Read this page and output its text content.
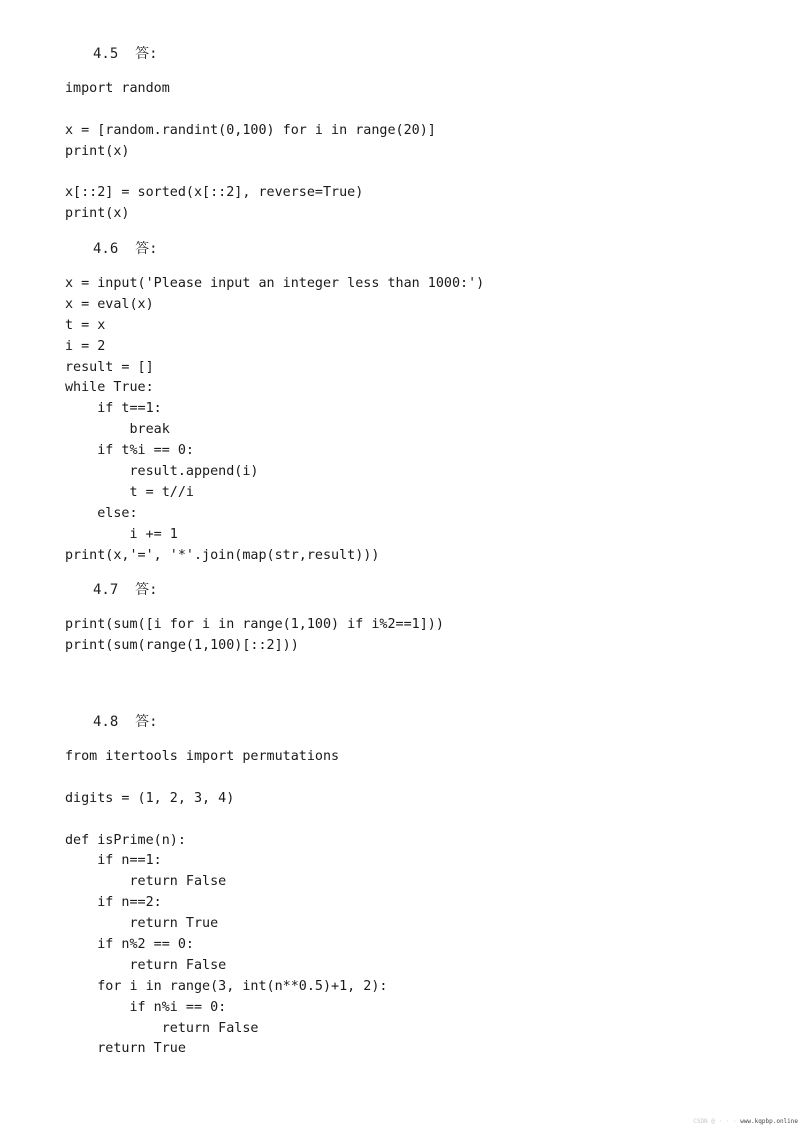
4.5  答:
import random
x = [random.randint(0,100) for i in range(20)]
print(x)
x[::2] = sorted(x[::2], reverse=True)
print(x)
4.6  答:
x = input('Please input an integer less than 1000:')
x = eval(x)
t = x
i = 2
result = []
while True:
if t==1:
break
if t%i == 0:
result.append(i)
t = t//i
else:
i += 1
print(x,'=', '*'.join(map(str,result)))
4.7  答:
print(sum([i for i in range(1,100) if i%2==1]))
print(sum(range(1,100)[::2]))
4.8  答:
from itertools import permutations
digits = (1, 2, 3, 4)
def isPrime(n):
if n==1:
return False
if n==2:
return True
if n%2 == 0:
return False
for i in range(3, int(n**0.5)+1, 2):
if n%i == 0:
return False
return True
CSDN @ · · · www.kqpbp.online
